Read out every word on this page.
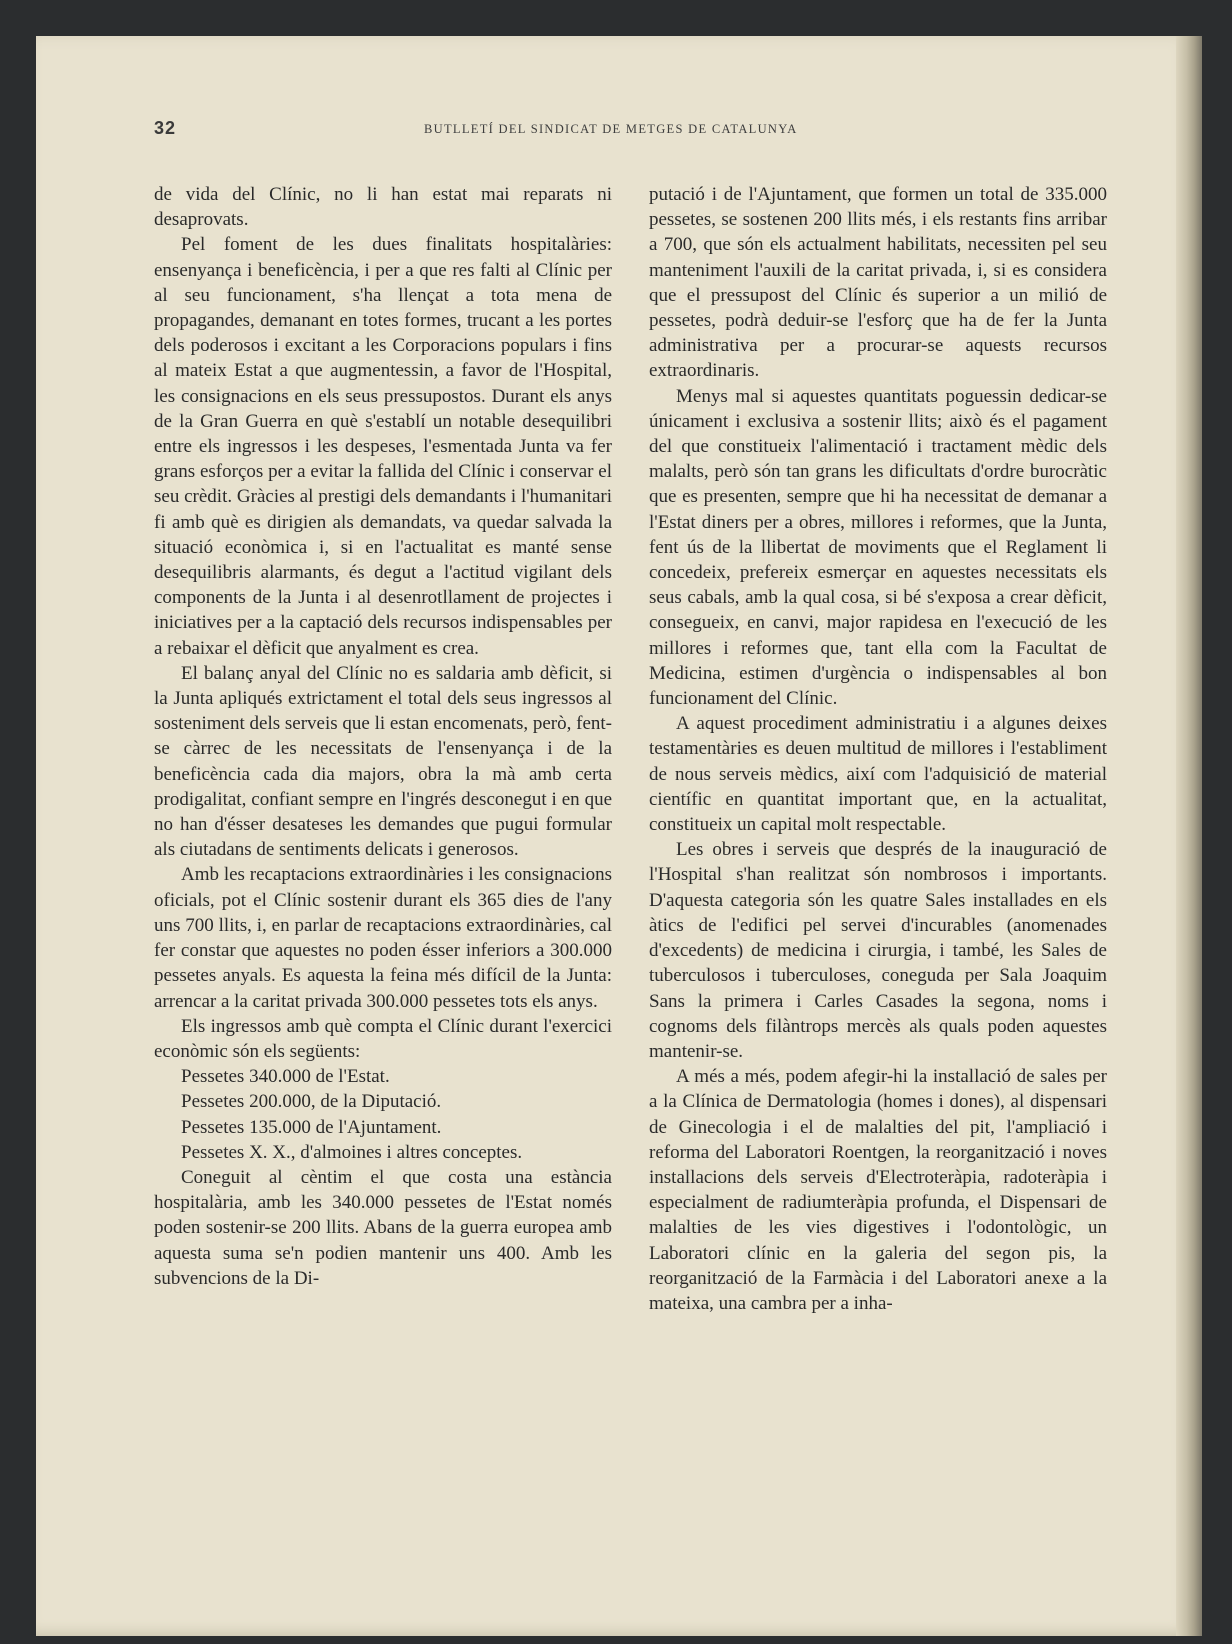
32	BUTLLETÍ DEL SINDICAT DE METGES DE CATALUNYA

de vida del Clínic, no li han estat mai reparats ni desaprovats.

Pel foment de les dues finalitats hospitalàries: ensenyança i beneficència, i per a que res falti al Clínic per al seu funcionament, s'ha llençat a tota mena de propagandes, demanant en totes formes, trucant a les portes dels poderosos i excitant a les Corporacions populars i fins al mateix Estat a que augmentessin, a favor de l'Hospital, les consignacions en els seus pressupostos. Durant els anys de la Gran Guerra en què s'establí un notable desequilibri entre els ingressos i les despeses, l'esmentada Junta va fer grans esforços per a evitar la fallida del Clínic i conservar el seu crèdit. Gràcies al prestigi dels demandants i l'humanitari fi amb què es dirigien als demandats, va quedar salvada la situació econòmica i, si en l'actualitat es manté sense desequilibris alarmants, és degut a l'actitud vigilant dels components de la Junta i al desenrotllament de projectes i iniciatives per a la captació dels recursos indispensables per a rebaixar el dèficit que anyalment es crea.

El balanç anyal del Clínic no es saldaria amb dèficit, si la Junta apliqués extrictament el total dels seus ingressos al sosteniment dels serveis que li estan encomenats, però, fent-se càrrec de les necessitats de l'ensenyança i de la beneficència cada dia majors, obra la mà amb certa prodigalitat, confiant sempre en l'ingrés desconegut i en que no han d'ésser desateses les demandes que pugui formular als ciutadans de sentiments delicats i generosos.

Amb les recaptacions extraordinàries i les consignacions oficials, pot el Clínic sostenir durant els 365 dies de l'any uns 700 llits, i, en parlar de recaptacions extraordinàries, cal fer constar que aquestes no poden ésser inferiors a 300.000 pessetes anyals. Es aquesta la feina més difícil de la Junta: arrencar a la caritat privada 300.000 pessetes tots els anys.

Els ingressos amb què compta el Clínic durant l'exercici econòmic són els següents:

Pessetes 340.000 de l'Estat.

Pessetes 200.000, de la Diputació.

Pessetes 135.000 de l'Ajuntament.

Pessetes X. X., d'almoines i altres conceptes.

Coneguit al cèntim el que costa una estància hospitalària, amb les 340.000 pessetes de l'Estat només poden sostenir-se 200 llits. Abans de la guerra europea amb aquesta suma se'n podien mantenir uns 400. Amb les subvencions de la Di-

putació i de l'Ajuntament, que formen un total de 335.000 pessetes, se sostenen 200 llits més, i els restants fins arribar a 700, que són els actualment habilitats, necessiten pel seu manteniment l'auxili de la caritat privada, i, si es considera que el pressupost del Clínic és superior a un milió de pessetes, podrà deduir-se l'esforç que ha de fer la Junta administrativa per a procurar-se aquests recursos extraordinaris.

Menys mal si aquestes quantitats poguessin dedicar-se únicament i exclusiva a sostenir llits; això és el pagament del que constitueix l'alimentació i tractament mèdic dels malalts, però són tan grans les dificultats d'ordre burocràtic que es presenten, sempre que hi ha necessitat de demanar a l'Estat diners per a obres, millores i reformes, que la Junta, fent ús de la llibertat de moviments que el Reglament li concedeix, prefereix esmerçar en aquestes necessitats els seus cabals, amb la qual cosa, si bé s'exposa a crear dèficit, consegueix, en canvi, major rapidesa en l'execució de les millores i reformes que, tant ella com la Facultat de Medicina, estimen d'urgència o indispensables al bon funcionament del Clínic.

A aquest procediment administratiu i a algunes deixes testamentàries es deuen multitud de millores i l'establiment de nous serveis mèdics, així com l'adquisició de material científic en quantitat important que, en la actualitat, constitueix un capital molt respectable.

Les obres i serveis que després de la inauguració de l'Hospital s'han realitzat són nombrosos i importants. D'aquesta categoria són les quatre Sales installades en els àtics de l'edifici pel servei d'incurables (anomenades d'excedents) de medicina i cirurgia, i també, les Sales de tuberculosos i tuberculoses, coneguda per Sala Joaquim Sans la primera i Carles Casades la segona, noms i cognoms dels filàntrops mercès als quals poden aquestes mantenir-se.

A més a més, podem afegir-hi la installació de sales per a la Clínica de Dermatologia (homes i dones), al dispensari de Ginecologia i el de malalties del pit, l'ampliació i reforma del Laboratori Roentgen, la reorganització i noves installacions dels serveis d'Electroteràpia, radoteràpia i especialment de radiumteràpia profunda, el Dispensari de malalties de les vies digestives i l'odontològic, un Laboratori clínic en la galeria del segon pis, la reorganització de la Farmàcia i del Laboratori anexe a la mateixa, una cambra per a inha-
